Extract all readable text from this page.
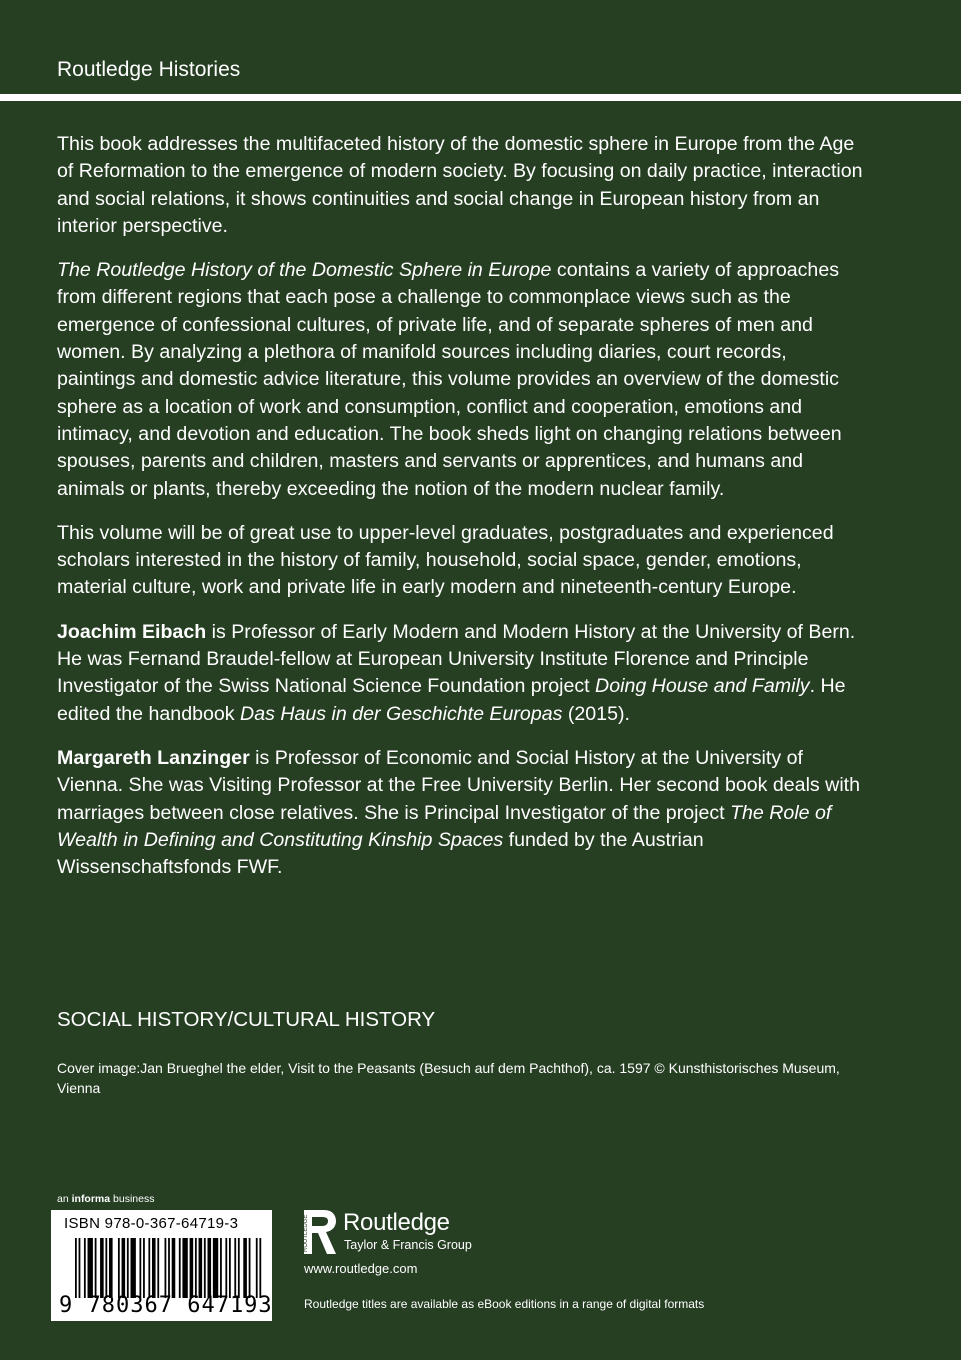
Routledge Histories

This book addresses the multifaceted history of the domestic sphere in Europe from the Age of Reformation to the emergence of modern society. By focusing on daily practice, interaction and social relations, it shows continuities and social change in European history from an interior perspective.

The Routledge History of the Domestic Sphere in Europe contains a variety of approaches from different regions that each pose a challenge to commonplace views such as the emergence of confessional cultures, of private life, and of separate spheres of men and women. By analyzing a plethora of manifold sources including diaries, court records, paintings and domestic advice literature, this volume provides an overview of the domestic sphere as a location of work and consumption, conflict and cooperation, emotions and intimacy, and devotion and education. The book sheds light on changing relations between spouses, parents and children, masters and servants or apprentices, and humans and animals or plants, thereby exceeding the notion of the modern nuclear family.

This volume will be of great use to upper-level graduates, postgraduates and experienced scholars interested in the history of family, household, social space, gender, emotions, material culture, work and private life in early modern and nineteenth-century Europe.

Joachim Eibach is Professor of Early Modern and Modern History at the University of Bern. He was Fernand Braudel-fellow at European University Institute Florence and Principle Investigator of the Swiss National Science Foundation project Doing House and Family. He edited the handbook Das Haus in der Geschichte Europas (2015).

Margareth Lanzinger is Professor of Economic and Social History at the University of Vienna. She was Visiting Professor at the Free University Berlin. Her second book deals with marriages between close relatives. She is Principal Investigator of the project The Role of Wealth in Defining and Constituting Kinship Spaces funded by the Austrian Wissenschaftsfonds FWF.

SOCIAL HISTORY/CULTURAL HISTORY
Cover image:Jan Brueghel the elder, Visit to the Peasants (Besuch auf dem Pachthof), ca. 1597 © Kunsthistorisches Museum, Vienna
an informa business
ISBN 978-0-367-64719-3
9 780367 647193
ROUTLEDGE Routledge
Taylor & Francis Group
www.routledge.com
Routledge titles are available as eBook editions in a range of digital formats
